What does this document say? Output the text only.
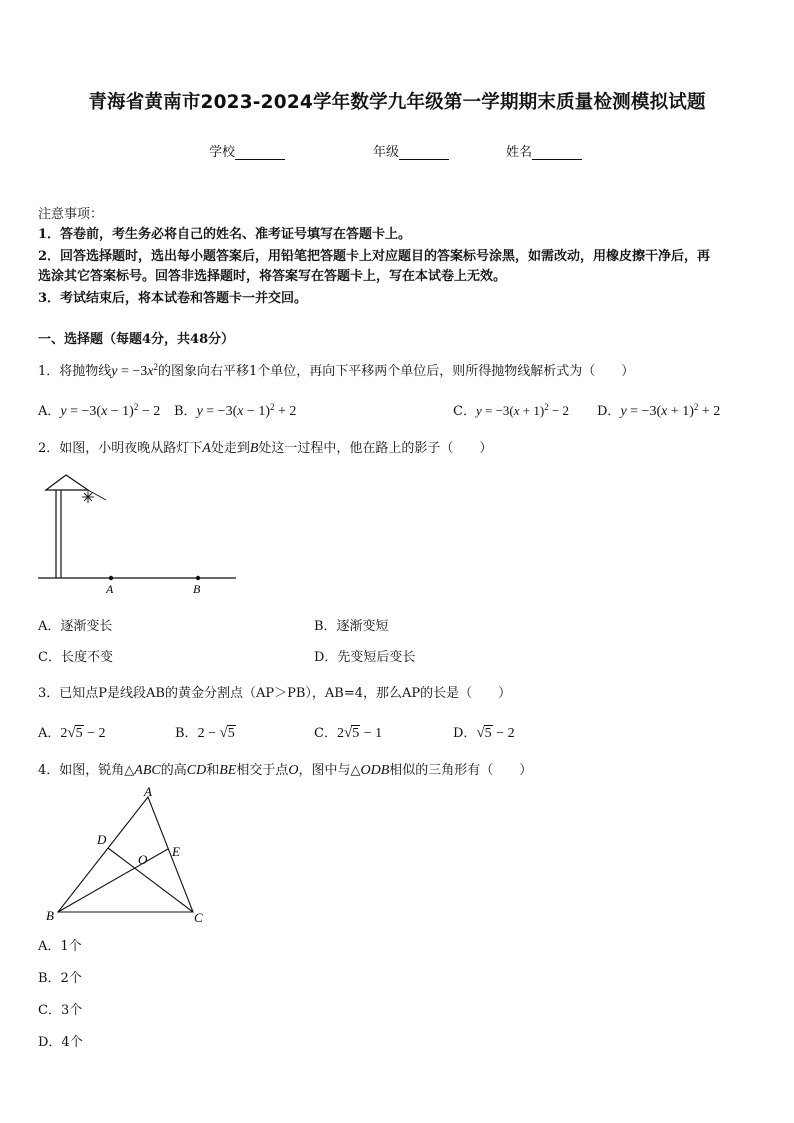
青海省黄南市2023-2024学年数学九年级第一学期期末质量检测模拟试题
学校	年级	姓名
注意事项：
1．答卷前，考生务必将自己的姓名、准考证号填写在答题卡上。
2．回答选择题时，选出每小题答案后，用铅笔把答题卡上对应题目的答案标号涂黑，如需改动，用橡皮擦干净后，再
选涂其它答案标号。回答非选择题时，将答案写在答题卡上，写在本试卷上无效。
3．考试结束后，将本试卷和答题卡一并交回。
一、选择题（每题4分，共48分）
1．将抛物线$y = -3x^2$的图象向右平移1个单位，再向下平移两个单位后，则所得抛物线解析式为（　　）
A．$y = -3(x - 1)^2 - 2$ B．$y = -3(x - 1)^2 + 2$	C．$y = -3(x + 1)^2 - 2$ D．$y = -3(x + 1)^2 + 2$
2．如图，小明夜晚从路灯下A处走到B处这一过程中，他在路上的影子（　　）
A	B
A．逐渐变长	B．逐渐变短
C．长度不变	D．先变短后变长
3．已知点P是线段AB的黄金分割点（AP＞PB），AB=4，那么AP的长是（　　）
A．2√5 − 2	B．2 − √5	C．2√5 − 1	D．√5 − 2
4．如图，锐角△ABC的高CD和BE相交于点O，图中与△ODB相似的三角形有（　　）
A
B	C
D
E
O
A．1个
B．2个
C．3个
D．4个
